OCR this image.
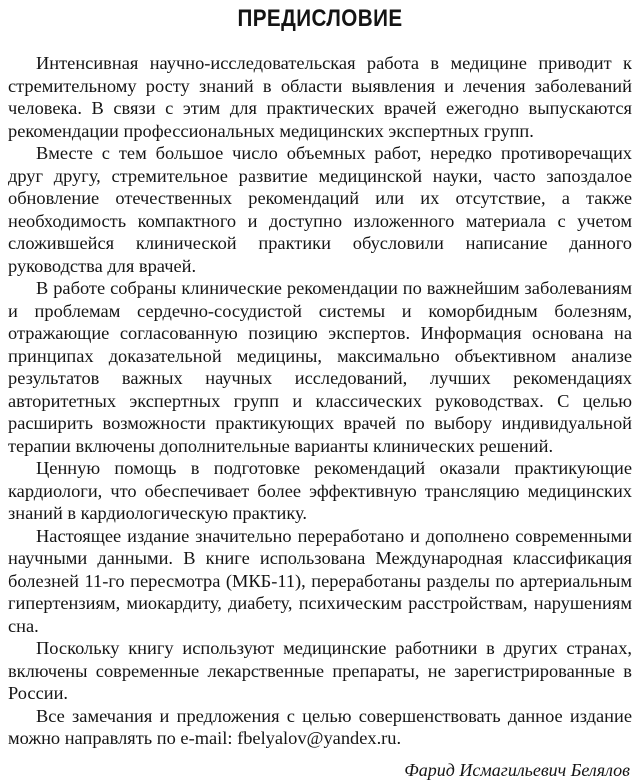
ПРЕДИСЛОВИЕ

Интенсивная научно-исследовательская работа в медицине приводит к стремительному росту знаний в области выявления и лечения заболеваний человека. В связи с этим для практических врачей ежегодно выпускаются рекомендации профессиональных медицинских экспертных групп.

Вместе с тем большое число объемных работ, нередко противоречащих друг другу, стремительное развитие медицинской науки, часто запоздалое обновление отечественных рекомендаций или их отсутствие, а также необходимость компактного и доступно изложенного материала с учетом сложившейся клинической практики обусловили написание данного руководства для врачей.

В работе собраны клинические рекомендации по важнейшим заболеваниям и проблемам сердечно-сосудистой системы и коморбидным болезням, отражающие согласованную позицию экспертов. Информация основана на принципах доказательной медицины, максимально объективном анализе результатов важных научных исследований, лучших рекомендациях авторитетных экспертных групп и классических руководствах. С целью расширить возможности практикующих врачей по выбору индивидуальной терапии включены дополнительные варианты клинических решений.

Ценную помощь в подготовке рекомендаций оказали практикующие кардиологи, что обеспечивает более эффективную трансляцию медицинских знаний в кардиологическую практику.

Настоящее издание значительно переработано и дополнено современными научными данными. В книге использована Международная классификация болезней 11-го пересмотра (МКБ-11), переработаны разделы по артериальным гипертензиям, миокардиту, диабету, психическим расстройствам, нарушениям сна.

Поскольку книгу используют медицинские работники в других странах, включены современные лекарственные препараты, не зарегистрированные в России.

Все замечания и предложения с целью совершенствовать данное издание можно направлять по e-mail: fbelyalov@yandex.ru.

Фарид Исмагильевич Белялов
